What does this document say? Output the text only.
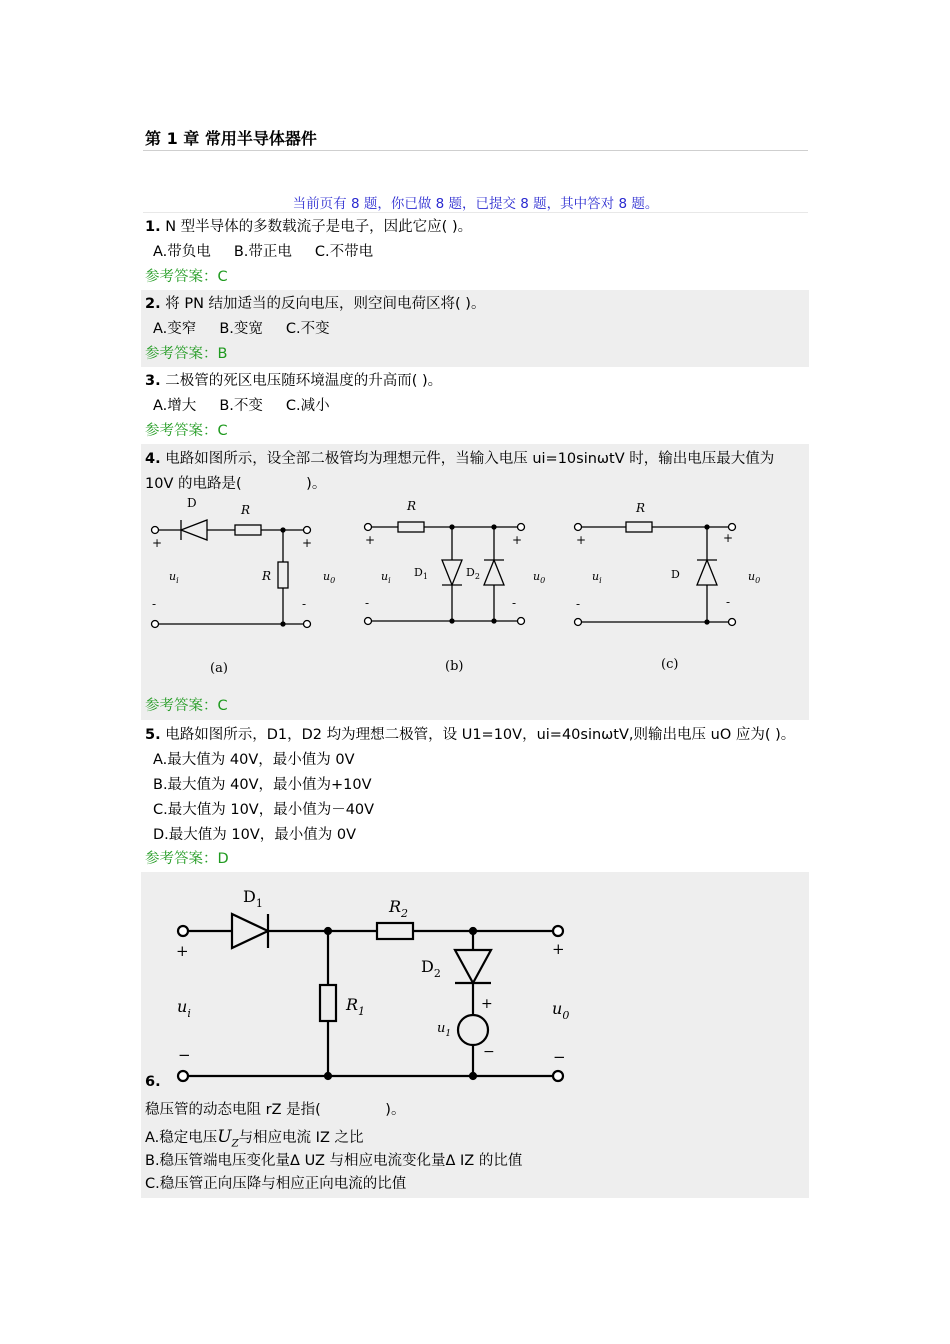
第 1 章 常用半导体器件
当前页有 8 题，你已做 8 题，已提交 8 题，其中答对 8 题。
1. N 型半导体的多数载流子是电子，因此它应( )。
A.带负电     B.带正电     C.不带电
参考答案：C
2. 将 PN 结加适当的反向电压，则空间电荷区将( )。
A.变窄     B.变宽     C.不变
参考答案：B
3. 二极管的死区电压随环境温度的升高而( )。
A.增大     B.不变     C.减小
参考答案：C
4. 电路如图所示，设全部二极管均为理想元件，当输入电压 ui=10sinωtV 时，输出电压最大值为
10V 的电路是(              )。
D	R
+	+
$u_i$	R	$u_0$
-	-
(a)
R
+	+
$u_i$
$D_1$	$D_2$	$u_0$
-	-
(b)
R
+	+
$u_i$	D	$u_0$
-	-
(c)
参考答案：C
5. 电路如图所示，D1，D2 均为理想二极管，设 U1=10V，ui=40sinωtV,则输出电压 uO 应为( )。
A.最大值为 40V，最小值为 0V
B.最大值为 40V，最小值为+10V
C.最大值为 10V，最小值为－40V
D.最大值为 10V，最小值为 0V
参考答案：D
$D_1$	$R_2$
+	+
$D_2$
+
$u_i$	$R_1$	$u_0$
$u_1$
−
−	−
6.
稳压管的动态电阻 rZ 是指(              )。
A.稳定电压$U_Z$与相应电流 IZ 之比
B.稳压管端电压变化量Δ UZ 与相应电流变化量Δ IZ 的比值
C.稳压管正向压降与相应正向电流的比值
